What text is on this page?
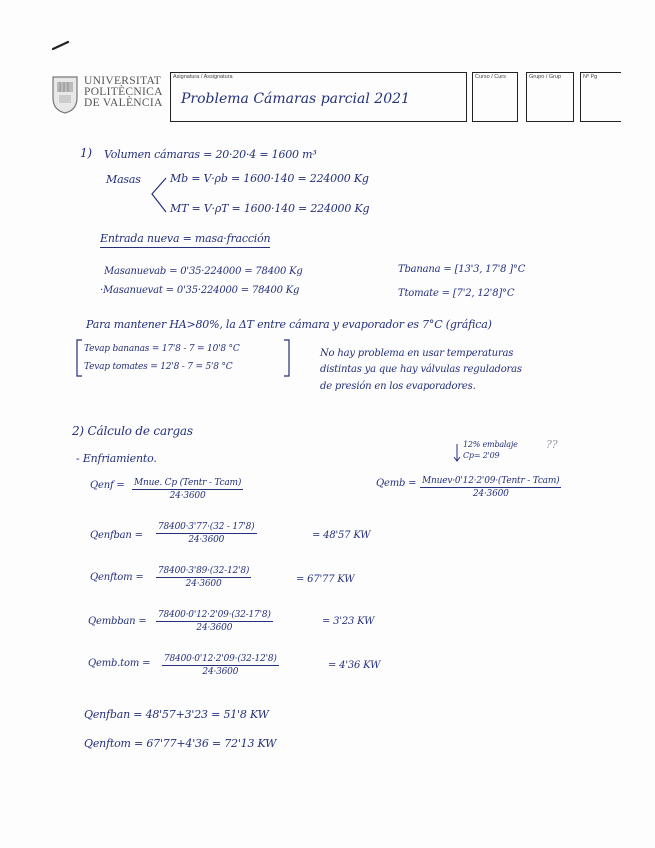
UNIVERSITAT
POLITÈCNICA
DE VALÈNCIA
Asignatura / Assignatura
Problema Cámaras parcial 2021
Curso / Curs	Grupo / Grup	Nº Pg
1) Volumen cámaras = 20·20·4 = 1600 m³
Masas	Mb = V·ρb = 1600·140 = 224000 Kg
MT = V·ρT = 1600·140 = 224000 Kg
Entrada nueva = masa·fracción
Masanuevab = 0'35·224000 = 78400 Kg
·Masanuevat = 0'35·224000 = 78400 Kg
Tbanana = [13'3, 17'8 ]°C
Ttomate = [7'2, 12'8]°C
Para mantener HA>80%, la ΔT entre cámara y evaporador es 7°C (gráfica)
Tevap bananas = 17'8 - 7 = 10'8 °C
Tevap tomates = 12'8 - 7 = 5'8 °C
No hay problema en usar temperaturas
distintas ya que hay válvulas reguladoras
de presión en los evaporadores.
2) Cálculo de cargas
- Enfriamiento.
12% embalaje
Cp= 2'09
??
Qenf = Mnue. Cp (Tentr - Tcam)
24·3600
Qemb = Mnuev·0'12·2'09·(Tentr - Tcam)
24·3600
Qenfban = $\frac{78400\cdot 3'77\cdot(32 - 17'8)}{24\cdot 3600}$	= 48'57 KW
Qenftom = $\frac{78400\cdot 3'89\cdot(32-12'8)}{24\cdot 3600}$	= 67'77 KW
Qembban = $\frac{78400\cdot 0'12\cdot 2'09\cdot(32-17'8)}{24\cdot 3600}$	= 3'23 KW
Qemb.tom = $\frac{78400\cdot 0'12\cdot 2'09\cdot(32-12'8)}{24\cdot 3600}$	= 4'36 KW
Qenfban = 48'57+3'23 = 51'8 KW
Qenftom = 67'77+4'36 = 72'13 KW
